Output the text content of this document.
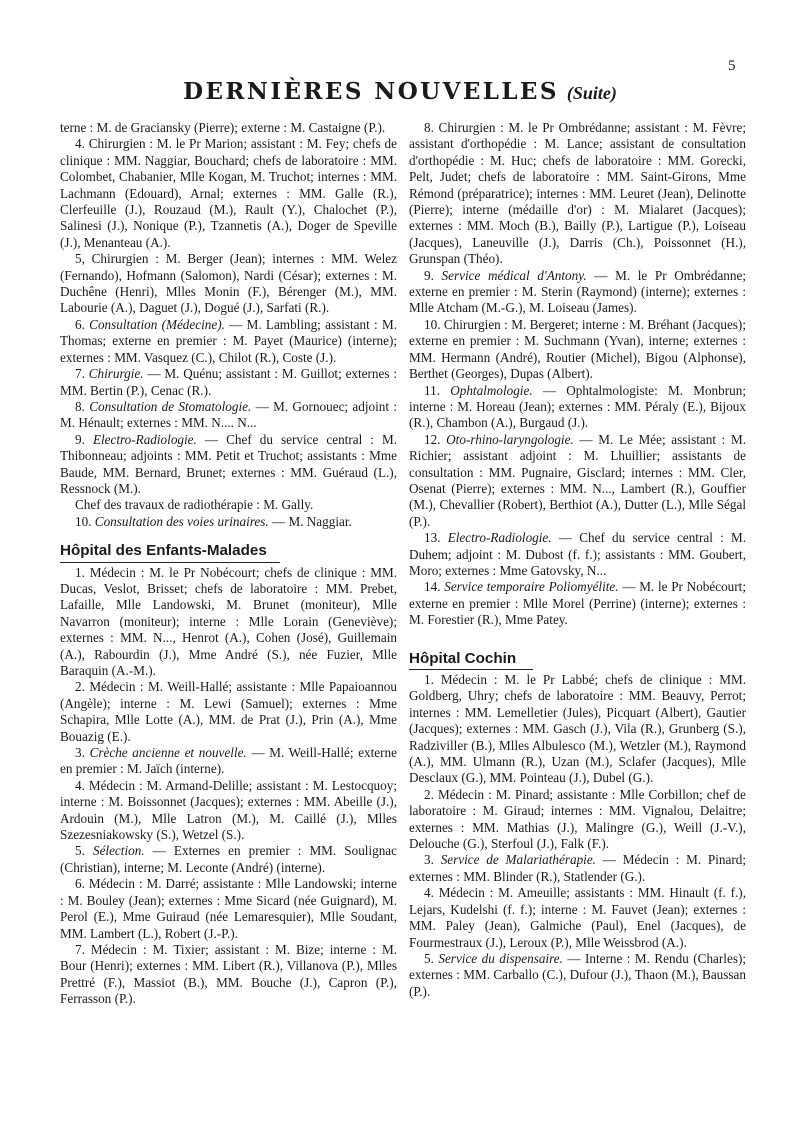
5
DERNIÈRES NOUVELLES (Suite)

terne : M. de Graciansky (Pierre); externe : M. Castaigne (P.).

4. Chirurgien : M. le Pr Marion; assistant : M. Fey; chefs de clinique : MM. Naggiar, Bouchard; chefs de laboratoire : MM. Colombet, Chabanier, Mlle Kogan, M. Truchot; internes : MM. Lachmann (Edouard), Arnal; externes : MM. Galle (R.), Clerfeuille (J.), Rouzaud (M.), Rault (Y.), Chalochet (P.), Salinesi (J.), Nonique (P.), Tzannetis (A.), Doger de Speville (J.), Menanteau (A.).

5, Chirurgien : M. Berger (Jean); internes : MM. Welez (Fernando), Hofmann (Salomon), Nardi (César); externes : M. Duchêne (Henri), Mlles Monin (F.), Bérenger (M.), MM. Labourie (A.), Daguet (J.), Dogué (J.), Sarfati (R.).

6. Consultation (Médecine). — M. Lambling; assistant : M. Thomas; externe en premier : M. Payet (Maurice) (interne); externes : MM. Vasquez (C.), Chilot (R.), Coste (J.).

7. Chirurgie. — M. Quénu; assistant : M. Guillot; externes : MM. Bertin (P.), Cenac (R.).

8. Consultation de Stomatologie. — M. Gornouec; adjoint : M. Hénault; externes : MM. N.... N...

9. Electro-Radiologie. — Chef du service central : M. Thibonneau; adjoints : MM. Petit et Truchot; assistants : Mme Baude, MM. Bernard, Brunet; externes : MM. Guéraud (L.), Ressnock (M.).

Chef des travaux de radiothérapie : M. Gally.

10. Consultation des voies urinaires. — M. Naggiar.

Hôpital des Enfants-Malades

1. Médecin : M. le Pr Nobécourt; chefs de clinique : MM. Ducas, Veslot, Brisset; chefs de laboratoire : MM. Prebet, Lafaille, Mlle Landowski, M. Brunet (moniteur), Mlle Navarron (moniteur); interne : Mlle Lorain (Geneviève); externes : MM. N..., Henrot (A.), Cohen (José), Guillemain (A.), Rabourdin (J.), Mme André (S.), née Fuzier, Mlle Baraquin (A.-M.).

2. Médecin : M. Weill-Hallé; assistante : Mlle Papaioannou (Angèle); interne : M. Lewi (Samuel); externes : Mme Schapira, Mlle Lotte (A.), MM. de Prat (J.), Prin (A.), Mme Bouazig (E.).

3. Crèche ancienne et nouvelle. — M. Weill-Hallé; externe en premier : M. Jaïch (interne).

4. Médecin : M. Armand-Delille; assistant : M. Lestocquoy; interne : M. Boissonnet (Jacques); externes : MM. Abeille (J.), Ardouin (M.), Mlle Latron (M.), M. Caillé (J.), Mlles Szezesniakowsky (S.), Wetzel (S.).

5. Sélection. — Externes en premier : MM. Soulignac (Christian), interne; M. Leconte (André) (interne).

6. Médecin : M. Darré; assistante : Mlle Landowski; interne : M. Bouley (Jean); externes : Mme Sicard (née Guignard), M. Perol (E.), Mme Guiraud (née Lemaresquier), Mlle Soudant, MM. Lambert (L.), Robert (J.-P.).

7. Médecin : M. Tixier; assistant : M. Bize; interne : M. Bour (Henri); externes : MM. Libert (R.), Villanova (P.), Mlles Prettré (F.), Massiot (B.), MM. Bouche (J.), Capron (P.), Ferrasson (P.).

8. Chirurgien : M. le Pr Ombrédanne; assistant : M. Fèvre; assistant d'orthopédie : M. Lance; assistant de consultation d'orthopédie : M. Huc; chefs de laboratoire : MM. Gorecki, Pelt, Judet; chefs de laboratoire : MM. Saint-Girons, Mme Rémond (préparatrice); internes : MM. Leuret (Jean), Delinotte (Pierre); interne (médaille d'or) : M. Mialaret (Jacques); externes : MM. Moch (B.), Bailly (P.), Lartigue (P.), Loiseau (Jacques), Laneuville (J.), Darris (Ch.), Poissonnet (H.), Grunspan (Théo).

9. Service médical d'Antony. — M. le Pr Ombrédanne; externe en premier : M. Sterin (Raymond) (interne); externes : Mlle Atcham (M.-G.), M. Loiseau (James).

10. Chirurgien : M. Bergeret; interne : M. Bréhant (Jacques); externe en premier : M. Suchmann (Yvan), interne; externes : MM. Hermann (André), Routier (Michel), Bigou (Alphonse), Berthet (Georges), Dupas (Albert).

11. Ophtalmologie. — Ophtalmologiste: M. Monbrun; interne : M. Horeau (Jean); externes : MM. Péraly (E.), Bijoux (R.), Chambon (A.), Burgaud (J.).

12. Oto-rhino-laryngologie. — M. Le Mée; assistant : M. Richier; assistant adjoint : M. Lhuillier; assistants de consultation : MM. Pugnaire, Gisclard; internes : MM. Cler, Osenat (Pierre); externes : MM. N..., Lambert (R.), Gouffier (M.), Chevallier (Robert), Berthiot (A.), Dutter (L.), Mlle Ségal (P.).

13. Electro-Radiologie. — Chef du service central : M. Duhem; adjoint : M. Dubost (f. f.); assistants : MM. Goubert, Moro; externes : Mme Gatovsky, N...

14. Service temporaire Poliomyélite. — M. le Pr Nobécourt; externe en premier : Mlle Morel (Perrine) (interne); externes : M. Forestier (R.), Mme Patey.

Hôpital Cochin

1. Médecin : M. le Pr Labbé; chefs de clinique : MM. Goldberg, Uhry; chefs de laboratoire : MM. Beauvy, Perrot; internes : MM. Lemelletier (Jules), Picquart (Albert), Gautier (Jacques); externes : MM. Gasch (J.), Vila (R.), Grunberg (S.), Radziviller (B.), Mlles Albulesco (M.), Wetzler (M.), Raymond (A.), MM. Ulmann (R.), Uzan (M.), Sclafer (Jacques), Mlle Desclaux (G.), MM. Pointeau (J.), Dubel (G.).

2. Médecin : M. Pinard; assistante : Mlle Corbillon; chef de laboratoire : M. Giraud; internes : MM. Vignalou, Delaitre; externes : MM. Mathias (J.), Malingre (G.), Weill (J.-V.), Delouche (G.), Sterfoul (J.), Falk (F.).

3. Service de Malariathérapie. — Médecin : M. Pinard; externes : MM. Blinder (R.), Statlender (G.).

4. Médecin : M. Ameuille; assistants : MM. Hinault (f. f.), Lejars, Kudelshi (f. f.); interne : M. Fauvet (Jean); externes : MM. Paley (Jean), Galmiche (Paul), Enel (Jacques), de Fourmestraux (J.), Leroux (P.), Mlle Weissbrod (A.).

5. Service du dispensaire. — Interne : M. Rendu (Charles); externes : MM. Carballo (C.), Dufour (J.), Thaon (M.), Baussan (P.).
